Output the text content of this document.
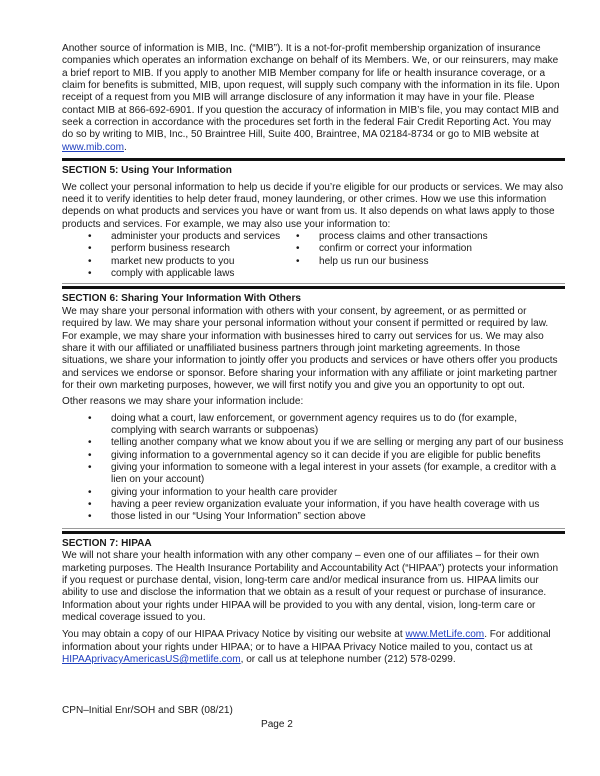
Another source of information is MIB, Inc. (“MIB”). It is a not-for-profit membership organization of insurance companies which operates an information exchange on behalf of its Members. We, or our reinsurers, may make a brief report to MIB. If you apply to another MIB Member company for life or health insurance coverage, or a claim for benefits is submitted, MIB, upon request, will supply such company with the information in its file. Upon receipt of a request from you MIB will arrange disclosure of any information it may have in your file. Please contact MIB at 866-692-6901. If you question the accuracy of information in MIB’s file, you may contact MIB and seek a correction in accordance with the procedures set forth in the federal Fair Credit Reporting Act. You may do so by writing to MIB, Inc., 50 Braintree Hill, Suite 400, Braintree, MA 02184-8734 or go to MIB website at www.mib.com.

SECTION 5: Using Your Information

We collect your personal information to help us decide if you’re eligible for our products or services. We may also need it to verify identities to help deter fraud, money laundering, or other crimes. How we use this information depends on what products and services you have or want from us. It also depends on what laws apply to those products and services. For example, we may also use your information to:

•	administer your products and services
•	perform business research
•	market new products to you
•	comply with applicable laws
•	process claims and other transactions
•	confirm or correct your information
•	help us run our business
SECTION 6: Sharing Your Information With Others

We may share your personal information with others with your consent, by agreement, or as permitted or required by law. We may share your personal information without your consent if permitted or required by law. For example, we may share your information with businesses hired to carry out services for us. We may also share it with our affiliated or unaffiliated business partners through joint marketing agreements. In those situations, we share your information to jointly offer you products and services or have others offer you products and services we endorse or sponsor. Before sharing your information with any affiliate or joint marketing partner for their own marketing purposes, however, we will first notify you and give you an opportunity to opt out.

Other reasons we may share your information include:

•	doing what a court, law enforcement, or government agency requires us to do (for example, complying with search warrants or subpoenas)
•	telling another company what we know about you if we are selling or merging any part of our business
•	giving information to a governmental agency so it can decide if you are eligible for public benefits
•	giving your information to someone with a legal interest in your assets (for example, a creditor with a lien on your account)
•	giving your information to your health care provider
•	having a peer review organization evaluate your information, if you have health coverage with us
•	those listed in our “Using Your Information” section above
SECTION 7: HIPAA

We will not share your health information with any other company – even one of our affiliates – for their own marketing purposes. The Health Insurance Portability and Accountability Act (“HIPAA”) protects your information if you request or purchase dental, vision, long-term care and/or medical insurance from us. HIPAA limits our ability to use and disclose the information that we obtain as a result of your request or purchase of insurance. Information about your rights under HIPAA will be provided to you with any dental, vision, long-term care or medical coverage issued to you.

You may obtain a copy of our HIPAA Privacy Notice by visiting our website at www.MetLife.com. For additional information about your rights under HIPAA; or to have a HIPAA Privacy Notice mailed to you, contact us at HIPAAprivacyAmericasUS@metlife.com, or call us at telephone number (212) 578-0299.

CPN–Initial Enr/SOH and SBR (08/21)
Page 2
